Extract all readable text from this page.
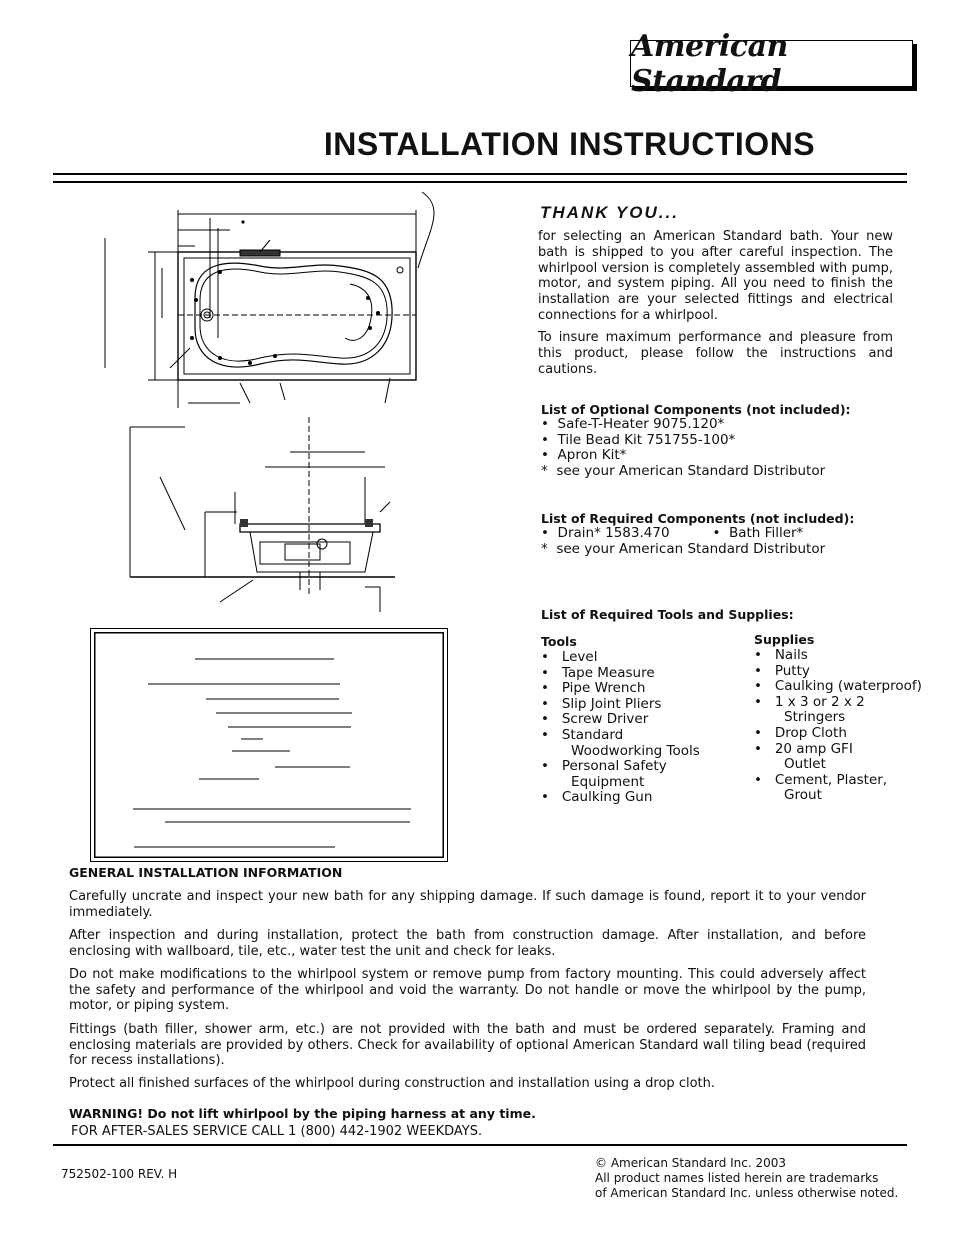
American Standard
INSTALLATION INSTRUCTIONS
THANK YOU...
for selecting an American Standard bath. Your new bath is shipped to you after careful inspection. The whirlpool version is completely assembled with pump, motor, and system piping. All you need to finish the installation are your selected fittings and electrical connections for a whirlpool.
To insure maximum performance and pleasure from this product, please follow the instructions and cautions.
List of Optional Components (not included):
•  Safe-T-Heater 9075.120*
•  Tile Bead Kit 751755-100*
•  Apron Kit*
*  see your American Standard Distributor
List of Required Components (not included):
•  Drain* 1583.470          •  Bath Filler*
*  see your American Standard Distributor
List of Required Tools and Supplies:
Tools
•   Level
•   Tape Measure
•   Pipe Wrench
•   Slip Joint Pliers
•   Screw Driver
•   Standard
Woodworking Tools
•   Personal Safety
Equipment
•   Caulking Gun
Supplies
•   Nails
•   Putty
•   Caulking (waterproof)
•   1 x 3 or 2 x 2
Stringers
•   Drop Cloth
•   20 amp GFI
Outlet
•   Cement, Plaster,
Grout
GENERAL INSTALLATION INFORMATION

Carefully uncrate and inspect your new bath for any shipping damage. If such damage is found, report it to your vendor immediately.

After inspection and during installation, protect the bath from construction damage. After installation, and before enclosing with wallboard, tile, etc., water test the unit and check for leaks.

Do not make modifications to the whirlpool system or remove pump from factory mounting. This could adversely affect the safety and performance of the whirlpool and void the warranty. Do not handle or move the whirlpool by the pump, motor, or piping system.

Fittings (bath filler, shower arm, etc.) are not provided with the bath and must be ordered separately. Framing and enclosing materials are provided by others. Check for availability of optional American Standard wall tiling bead (required for recess installations).

Protect all finished surfaces of the whirlpool during construction and installation using a drop cloth.

WARNING! Do not lift whirlpool by the piping harness at any time.
FOR AFTER-SALES SERVICE CALL 1 (800) 442-1902 WEEKDAYS.
752502-100 REV. H
© American Standard Inc. 2003
All product names listed herein are trademarks
of American Standard Inc. unless otherwise noted.
